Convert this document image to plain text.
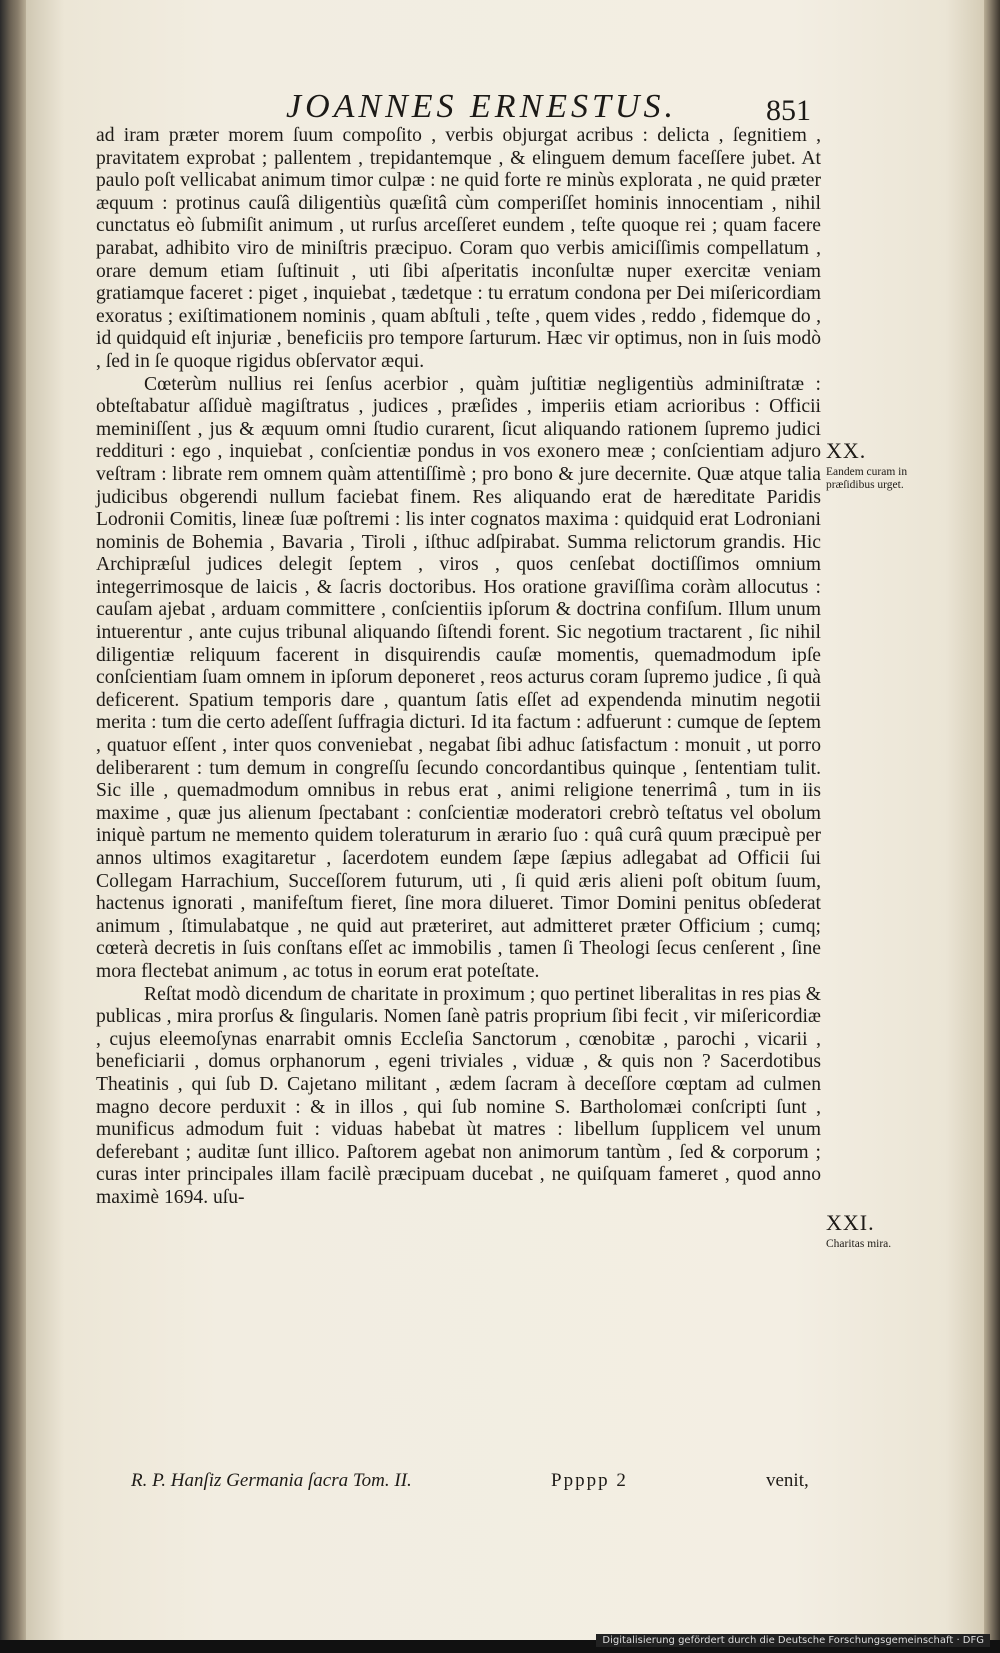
JOANNES ERNESTUS.	851

ad iram præter morem ſuum compoſito , verbis objurgat acribus : delicta , ſegnitiem , pravitatem exprobat ; pallentem , trepidantemque , & elinguem demum faceſſere jubet. At paulo poſt vellicabat animum timor culpæ : ne quid forte re minùs explorata , ne quid præter æquum : protinus cauſâ diligentiùs quæſitâ cùm comperiſſet hominis innocentiam , nihil cunctatus eò ſubmiſit animum , ut rurſus arceſſeret eundem , teſte quoque rei ; quam facere parabat, adhibito viro de miniſtris præcipuo. Coram quo verbis amiciſſimis compellatum , orare demum etiam ſuſtinuit , uti ſibi aſperitatis inconſultæ nuper exercitæ veniam gratiamque faceret : piget , inquiebat , tædetque : tu erratum condona per Dei miſericordiam exoratus ; exiſtimationem nominis , quam abſtuli , teſte , quem vides , reddo , fidemque do , id quidquid eſt injuriæ , beneficiis pro tempore ſarturum. Hæc vir optimus, non in ſuis modò , ſed in ſe quoque rigidus obſervator æqui.

Cœterùm nullius rei ſenſus acerbior , quàm juſtitiæ negligentiùs adminiſtratæ : obteſtabatur aſſiduè magiſtratus , judices , præſides , imperiis etiam acrioribus : Officii meminiſſent , jus & æquum omni ſtudio curarent, ſicut aliquando rationem ſupremo judici reddituri : ego , inquiebat , conſcientiæ pondus in vos exonero meæ ; conſcientiam adjuro veſtram : librate rem omnem quàm attentiſſimè ; pro bono & jure decernite. Quæ atque talia judicibus obgerendi nullum faciebat finem. Res aliquando erat de hæreditate Paridis Lodronii Comitis, lineæ ſuæ poſtremi : lis inter cognatos maxima : quidquid erat Lodroniani nominis de Bohemia , Bavaria , Tiroli , iſthuc adſpirabat. Summa relictorum grandis. Hic Archipræſul judices delegit ſeptem , viros , quos cenſebat doctiſſimos omnium integerrimosque de laicis , & ſacris doctoribus. Hos oratione graviſſima coràm allocutus : cauſam ajebat , arduam committere , conſcientiis ipſorum & doctrina confiſum. Illum unum intuerentur , ante cujus tribunal aliquando ſiſtendi forent. Sic negotium tractarent , ſic nihil diligentiæ reliquum facerent in disquirendis cauſæ momentis, quemadmodum ipſe conſcientiam ſuam omnem in ipſorum deponeret , reos acturus coram ſupremo judice , ſi quà deficerent. Spatium temporis dare , quantum ſatis eſſet ad expendenda minutim negotii merita : tum die certo adeſſent ſuffragia dicturi. Id ita factum : adfuerunt : cumque de ſeptem , quatuor eſſent , inter quos conveniebat , negabat ſibi adhuc ſatisfactum : monuit , ut porro deliberarent : tum demum in congreſſu ſecundo concordantibus quinque , ſententiam tulit. Sic ille , quemadmodum omnibus in rebus erat , animi religione tenerrimâ , tum in iis maxime , quæ jus alienum ſpectabant : conſcientiæ moderatori crebrò teſtatus vel obolum iniquè partum ne memento quidem toleraturum in ærario ſuo : quâ curâ quum præcipuè per annos ultimos exagitaretur , ſacerdotem eundem ſæpe ſæpius adlegabat ad Officii ſui Collegam Harrachium, Succeſſorem futurum, uti , ſi quid æris alieni poſt obitum ſuum, hactenus ignorati , manifeſtum fieret, ſine mora dilueret. Timor Domini penitus obſederat animum , ſtimulabatque , ne quid aut præteriret, aut admitteret præter Officium ; cumq; cœterà decretis in ſuis conſtans eſſet ac immobilis , tamen ſi Theologi ſecus cenſerent , ſine mora flectebat animum , ac totus in eorum erat poteſtate.

Reſtat modò dicendum de charitate in proximum ; quo pertinet liberalitas in res pias & publicas , mira prorſus & ſingularis. Nomen ſanè patris proprium ſibi fecit , vir miſericordiæ , cujus eleemoſynas enarrabit omnis Eccleſia Sanctorum , cœnobitæ , parochi , vicarii , beneficiarii , domus orphanorum , egeni triviales , viduæ , & quis non ? Sacerdotibus Theatinis , qui ſub D. Cajetano militant , ædem ſacram à deceſſore cœptam ad culmen magno decore perduxit : & in illos , qui ſub nomine S. Bartholomæi conſcripti ſunt , munificus admodum fuit : viduas habebat ùt matres : libellum ſupplicem vel unum deferebant ; auditæ ſunt illico. Paſtorem agebat non animorum tantùm , ſed & corporum ; curas inter principales illam facilè præcipuam ducebat , ne quiſquam fameret , quod anno maximè 1694. uſu-

XX.
Eandem curam in præſidibus urget.
XXI.
Charitas mira.
R. P. Hanſiz Germania ſacra Tom. II.	Ppppp 2	venit,
Digitalisierung gefördert durch die Deutsche Forschungsgemeinschaft · DFG
